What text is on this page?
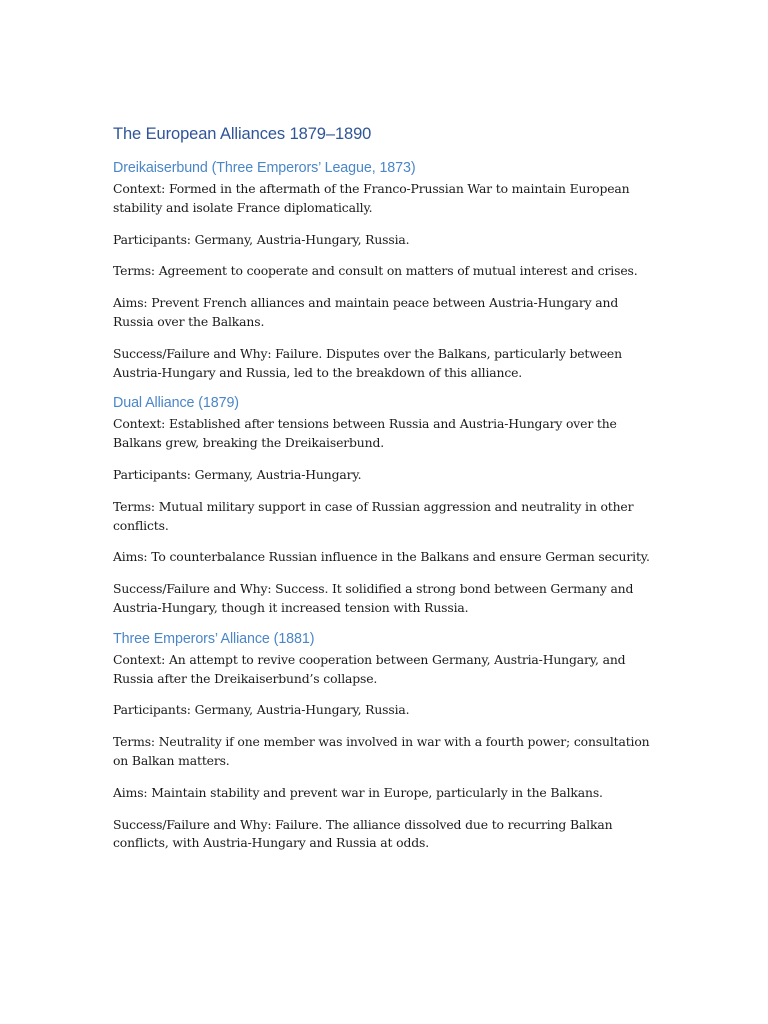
The European Alliances 1879–1890
Dreikaiserbund (Three Emperors’ League, 1873)

Context: Formed in the aftermath of the Franco-Prussian War to maintain European stability and isolate France diplomatically.

Participants: Germany, Austria-Hungary, Russia.

Terms: Agreement to cooperate and consult on matters of mutual interest and crises.

Aims: Prevent French alliances and maintain peace between Austria-Hungary and Russia over the Balkans.

Success/Failure and Why: Failure. Disputes over the Balkans, particularly between Austria-Hungary and Russia, led to the breakdown of this alliance.

Dual Alliance (1879)

Context: Established after tensions between Russia and Austria-Hungary over the Balkans grew, breaking the Dreikaiserbund.

Participants: Germany, Austria-Hungary.

Terms: Mutual military support in case of Russian aggression and neutrality in other conflicts.

Aims: To counterbalance Russian influence in the Balkans and ensure German security.

Success/Failure and Why: Success. It solidified a strong bond between Germany and Austria-Hungary, though it increased tension with Russia.

Three Emperors’ Alliance (1881)

Context: An attempt to revive cooperation between Germany, Austria-Hungary, and Russia after the Dreikaiserbund’s collapse.

Participants: Germany, Austria-Hungary, Russia.

Terms: Neutrality if one member was involved in war with a fourth power; consultation on Balkan matters.

Aims: Maintain stability and prevent war in Europe, particularly in the Balkans.

Success/Failure and Why: Failure. The alliance dissolved due to recurring Balkan conflicts, with Austria-Hungary and Russia at odds.
